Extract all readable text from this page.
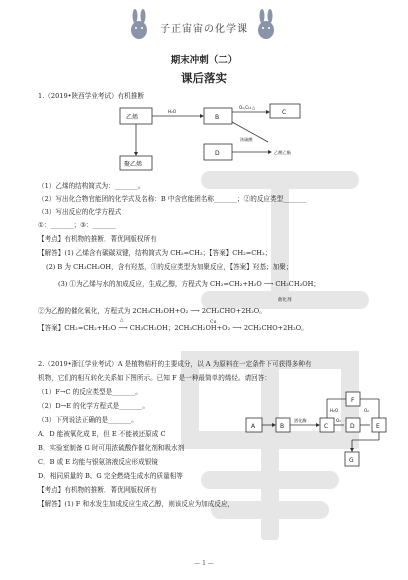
子正宙宙の化学课
期末冲刺（二）
课后落实
1.（2019•陕西学业考试）有机推断
乙烯
H₂O
B
O₂,Cu △
C
聚乙烯
D
浓硫酸
乙酸乙酯
（1）乙烯的结构简式为：_______。
（2）写出化合物官能团的化学式及名称：B 中含官能团名称_______；②的反应类型_______
（3）写出反应的化学方程式
①：_______；③：_______
【考点】有机物的推断．菁优网版权所有
【解答】(1) 乙烯含有碳碳双键，结构简式为 CH₂=CH₂；【答案】CH₂=CH₂；
(2) B 为 CH₃CH₂OH，含有羟基，③的反应类型为加聚反应，【答案】羟基；加聚；
(3) ①为乙烯与水的加成反应，生成乙醇，方程式为 CH₂=CH₂+H₂O ⟶ CH₃CH₂OH；
催化剂
②为乙醇的催化氧化，方程式为 2CH₃CH₂OH+O₂ ⟶ 2CH₃CHO+2H₂O。
【答案】CH₂=CH₂+H₂O ⟶ CH₃CH₂OH；2CH₃CH₂OH+O₂ ⟶ 2CH₃CHO+2H₂O。
Cu
△
2.（2019•浙江学业考试）A 是植物秸秆的主要成分，以 A 为原料在一定条件下可获得多种有
机物，它们的相互转化关系如下图所示。已知 F 是一种最简单的烯烃。请回答：
（1）F→C 的反应类型是_______。
（2）D→E 的化学方程式是_______。
（3）下列说法正确的是_______。
A．D 能被氧化成 E，但 E 不能被还原成 C
B．实验室制备 G 时可用浓硫酸作催化剂和吸水剂
C．B 或 E 均能与银氨溶液反应形成银镜
D．相同质量的 B、G 完全燃烧生成水的质量相等
【考点】有机物的推断．菁优网版权所有
【解答】(1) F 和水发生加成反应生成乙醇，则该反应为加成反应，
A	B
酒化酶
C
O₂
D	E
F
H₂O	O₂
G
— 1 —
